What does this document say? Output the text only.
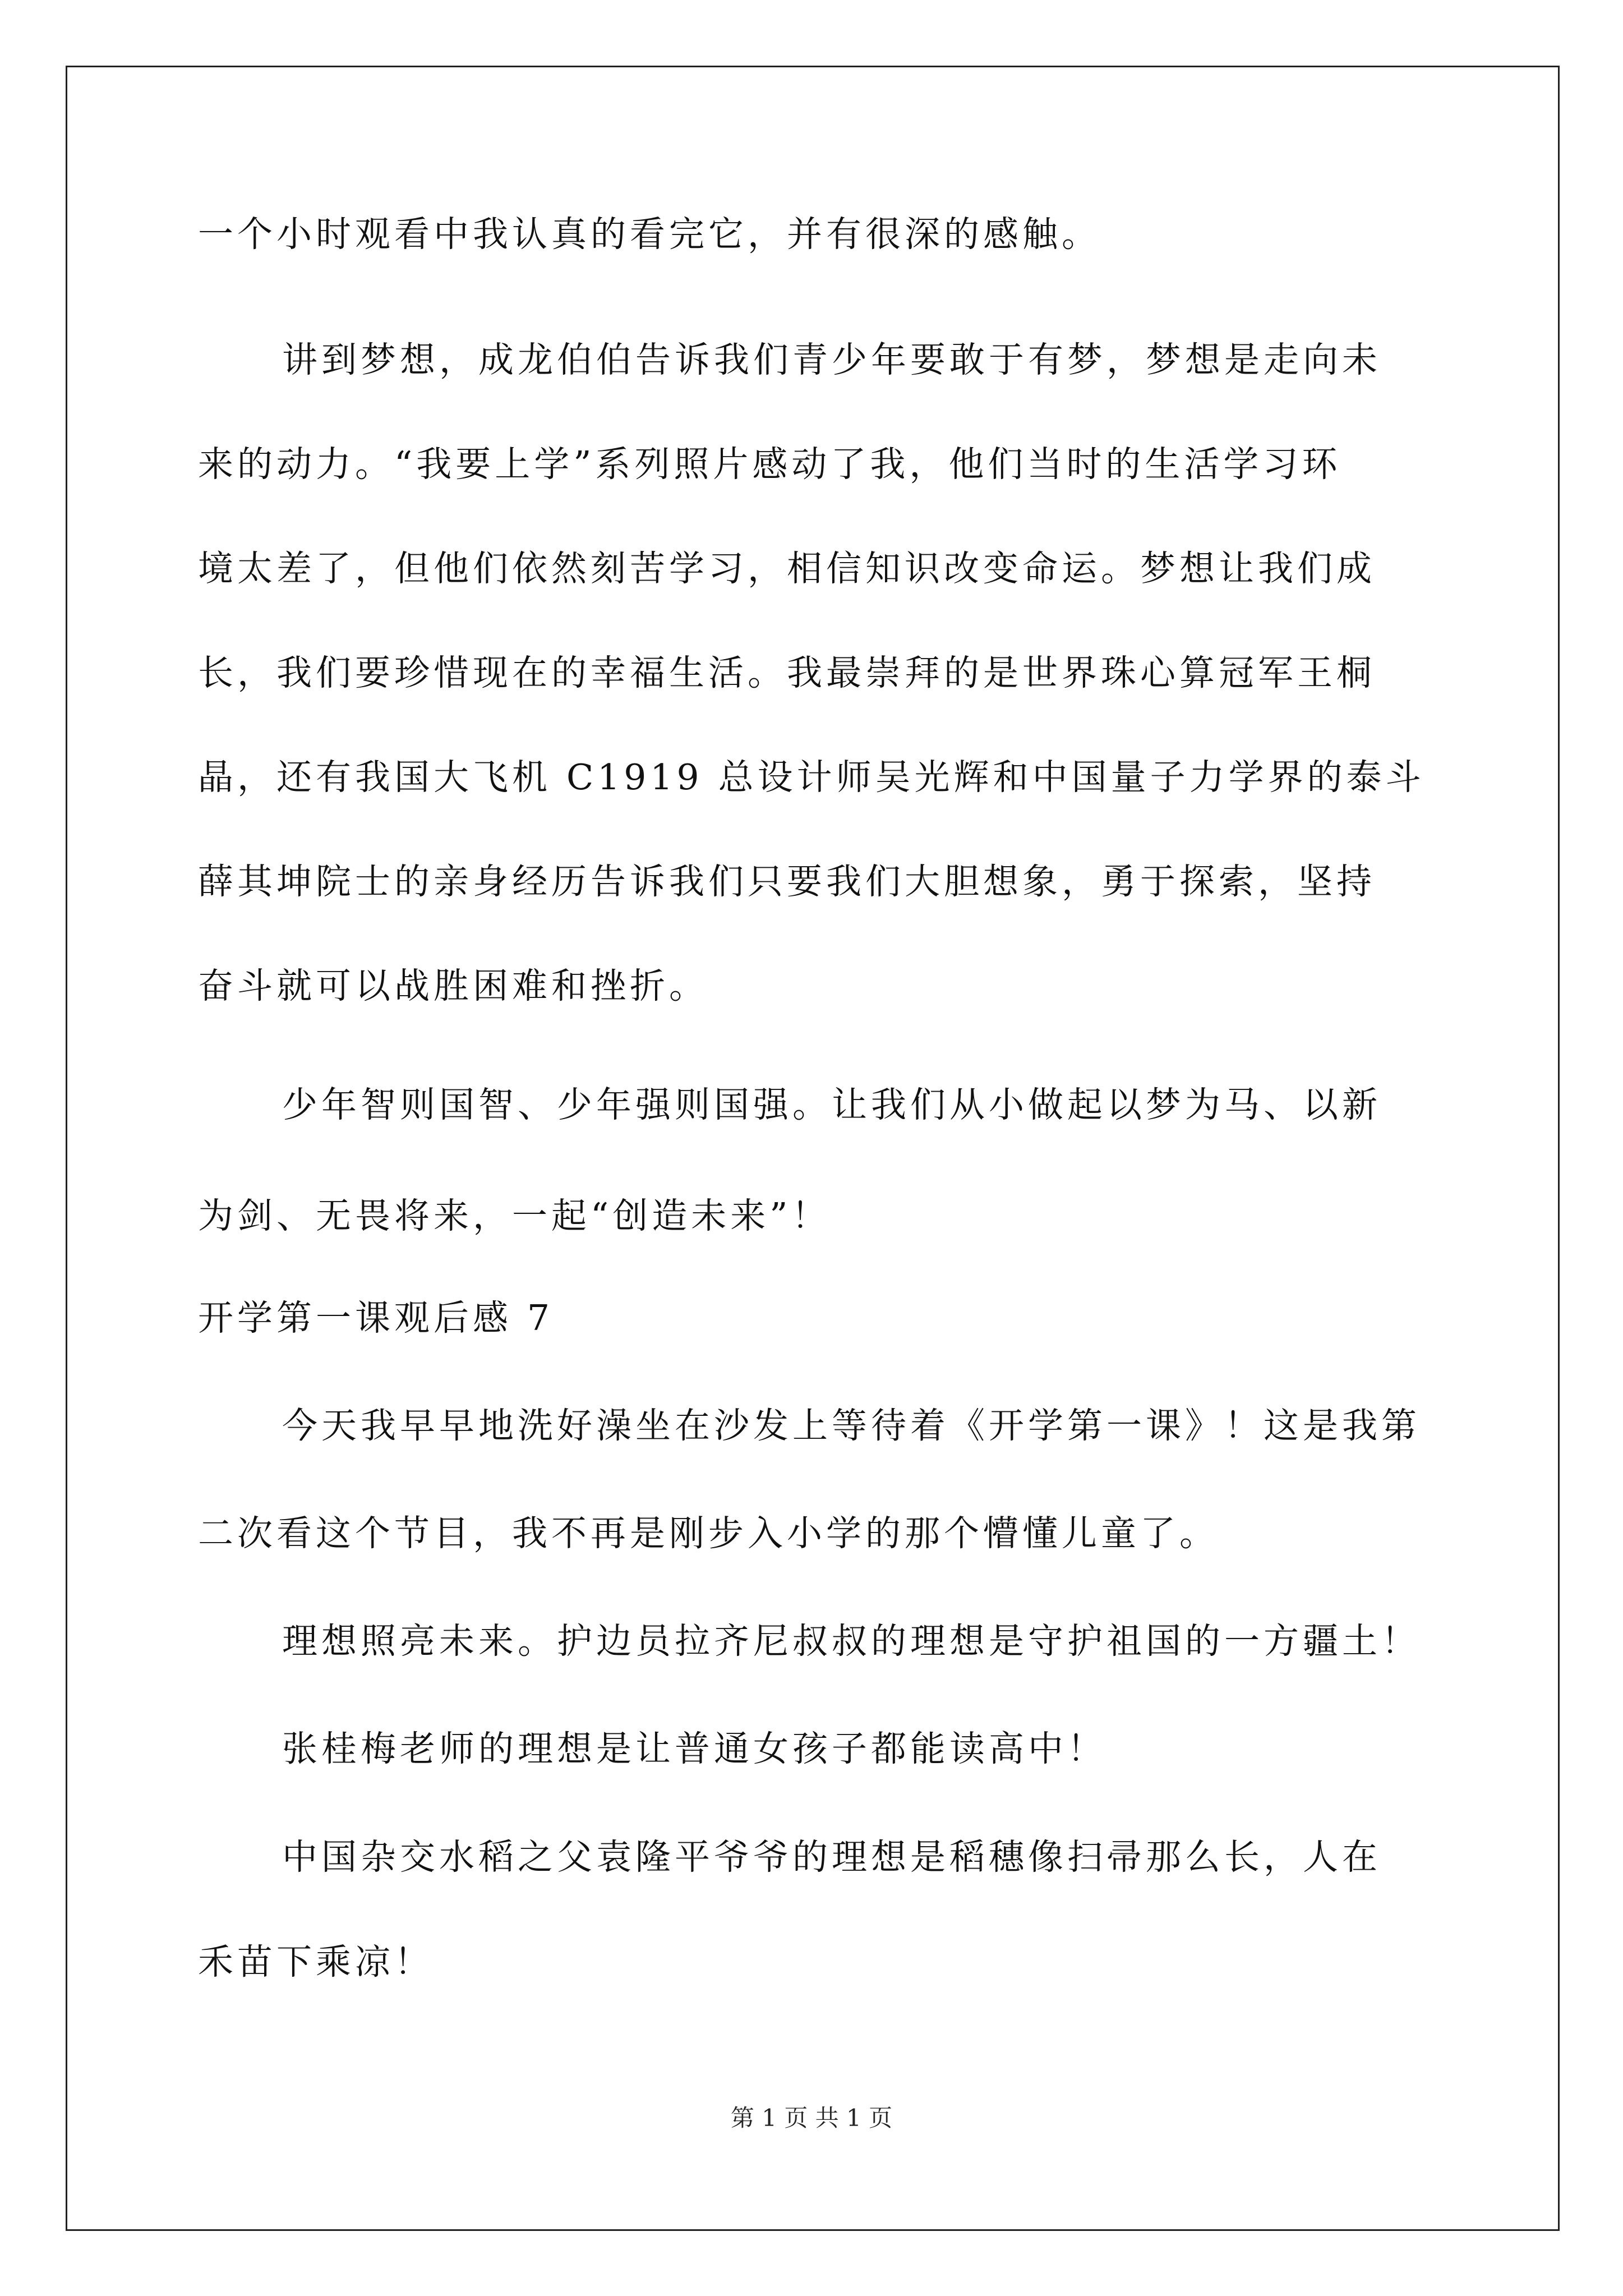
一个小时观看中我认真的看完它，并有很深的感触。
讲到梦想，成龙伯伯告诉我们青少年要敢于有梦，梦想是走向未
来的动力。“我要上学”系列照片感动了我，他们当时的生活学习环
境太差了，但他们依然刻苦学习，相信知识改变命运。梦想让我们成
长，我们要珍惜现在的幸福生活。我最崇拜的是世界珠心算冠军王桐
晶，还有我国大飞机 C1919 总设计师吴光辉和中国量子力学界的泰斗
薛其坤院士的亲身经历告诉我们只要我们大胆想象，勇于探索，坚持
奋斗就可以战胜困难和挫折。
少年智则国智、少年强则国强。让我们从小做起以梦为马、以新
为剑、无畏将来，一起“创造未来”！
开学第一课观后感 7
今天我早早地洗好澡坐在沙发上等待着《开学第一课》！这是我第
二次看这个节目，我不再是刚步入小学的那个懵懂儿童了。
理想照亮未来。护边员拉齐尼叔叔的理想是守护祖国的一方疆土！
张桂梅老师的理想是让普通女孩子都能读高中！
中国杂交水稻之父袁隆平爷爷的理想是稻穗像扫帚那么长，人在
禾苗下乘凉！
第 1 页 共 1 页
